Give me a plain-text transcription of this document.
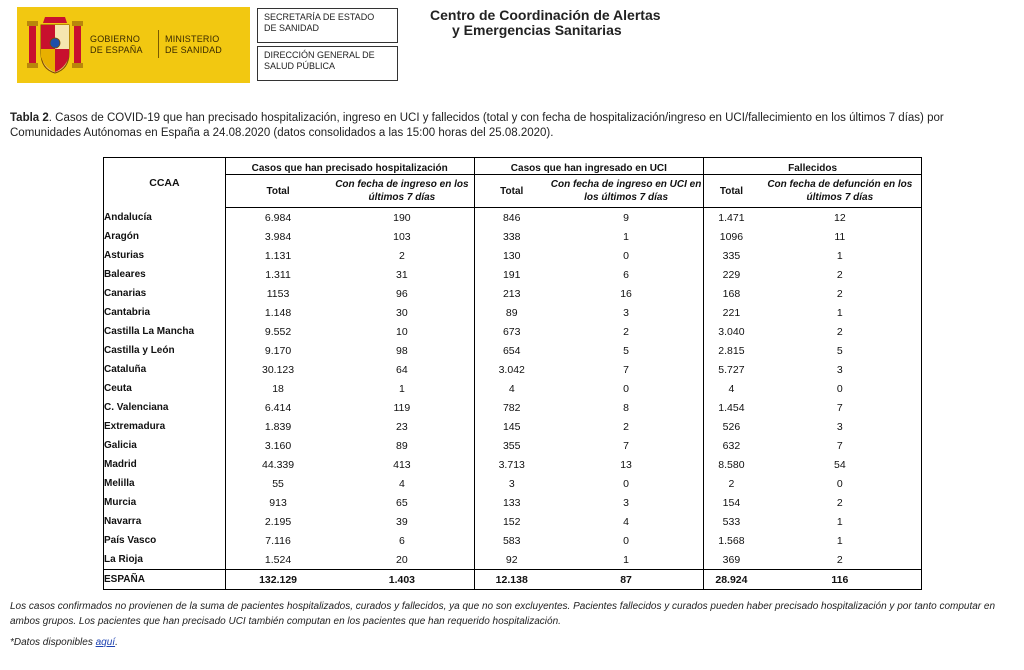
GOBIERNO
DE ESPAÑA
MINISTERIO
DE SANIDAD
SECRETARÍA DE ESTADO
DE SANIDAD
DIRECCIÓN GENERAL DE
SALUD PÚBLICA
Centro de Coordinación de Alertas
y Emergencias Sanitarias
Tabla 2. Casos de COVID-19 que han precisado hospitalización, ingreso en UCI y fallecidos (total y con fecha de hospitalización/ingreso en UCI/fallecimiento en los últimos 7 días) por Comunidades Autónomas en España a 24.08.2020 (datos consolidados a las 15:00 horas del 25.08.2020).
CCAA	Casos que han precisado hospitalización		Casos que han ingresado en UCI		Fallecidos	
	Total	Con fecha de ingreso en los últimos 7 días	Total	Con fecha de ingreso en UCI en los últimos 7 días	Total	Con fecha de defunción en los últimos 7 días
Andalucía	6.984	190	846	9	1.471	12
Aragón	3.984	103	338	1	1096	11
Asturias	1.131	2	130	0	335	1
Baleares	1.311	31	191	6	229	2
Canarias	1153	96	213	16	168	2
Cantabria	1.148	30	89	3	221	1
Castilla La Mancha	9.552	10	673	2	3.040	2
Castilla y León	9.170	98	654	5	2.815	5
Cataluña	30.123	64	3.042	7	5.727	3
Ceuta	18	1	4	0	4	0
C. Valenciana	6.414	119	782	8	1.454	7
Extremadura	1.839	23	145	2	526	3
Galicia	3.160	89	355	7	632	7
Madrid	44.339	413	3.713	13	8.580	54
Melilla	55	4	3	0	2	0
Murcia	913	65	133	3	154	2
Navarra	2.195	39	152	4	533	1
País Vasco	7.116	6	583	0	1.568	1
La Rioja	1.524	20	92	1	369	2
ESPAÑA	132.129	1.403	12.138	87	28.924	116
Los casos confirmados no provienen de la suma de pacientes hospitalizados, curados y fallecidos, ya que no son excluyentes. Pacientes fallecidos y curados pueden haber precisado hospitalización y por tanto computar en ambos grupos. Los pacientes que han precisado UCI también computan en los pacientes que han requerido hospitalización.
*Datos disponibles aquí.
